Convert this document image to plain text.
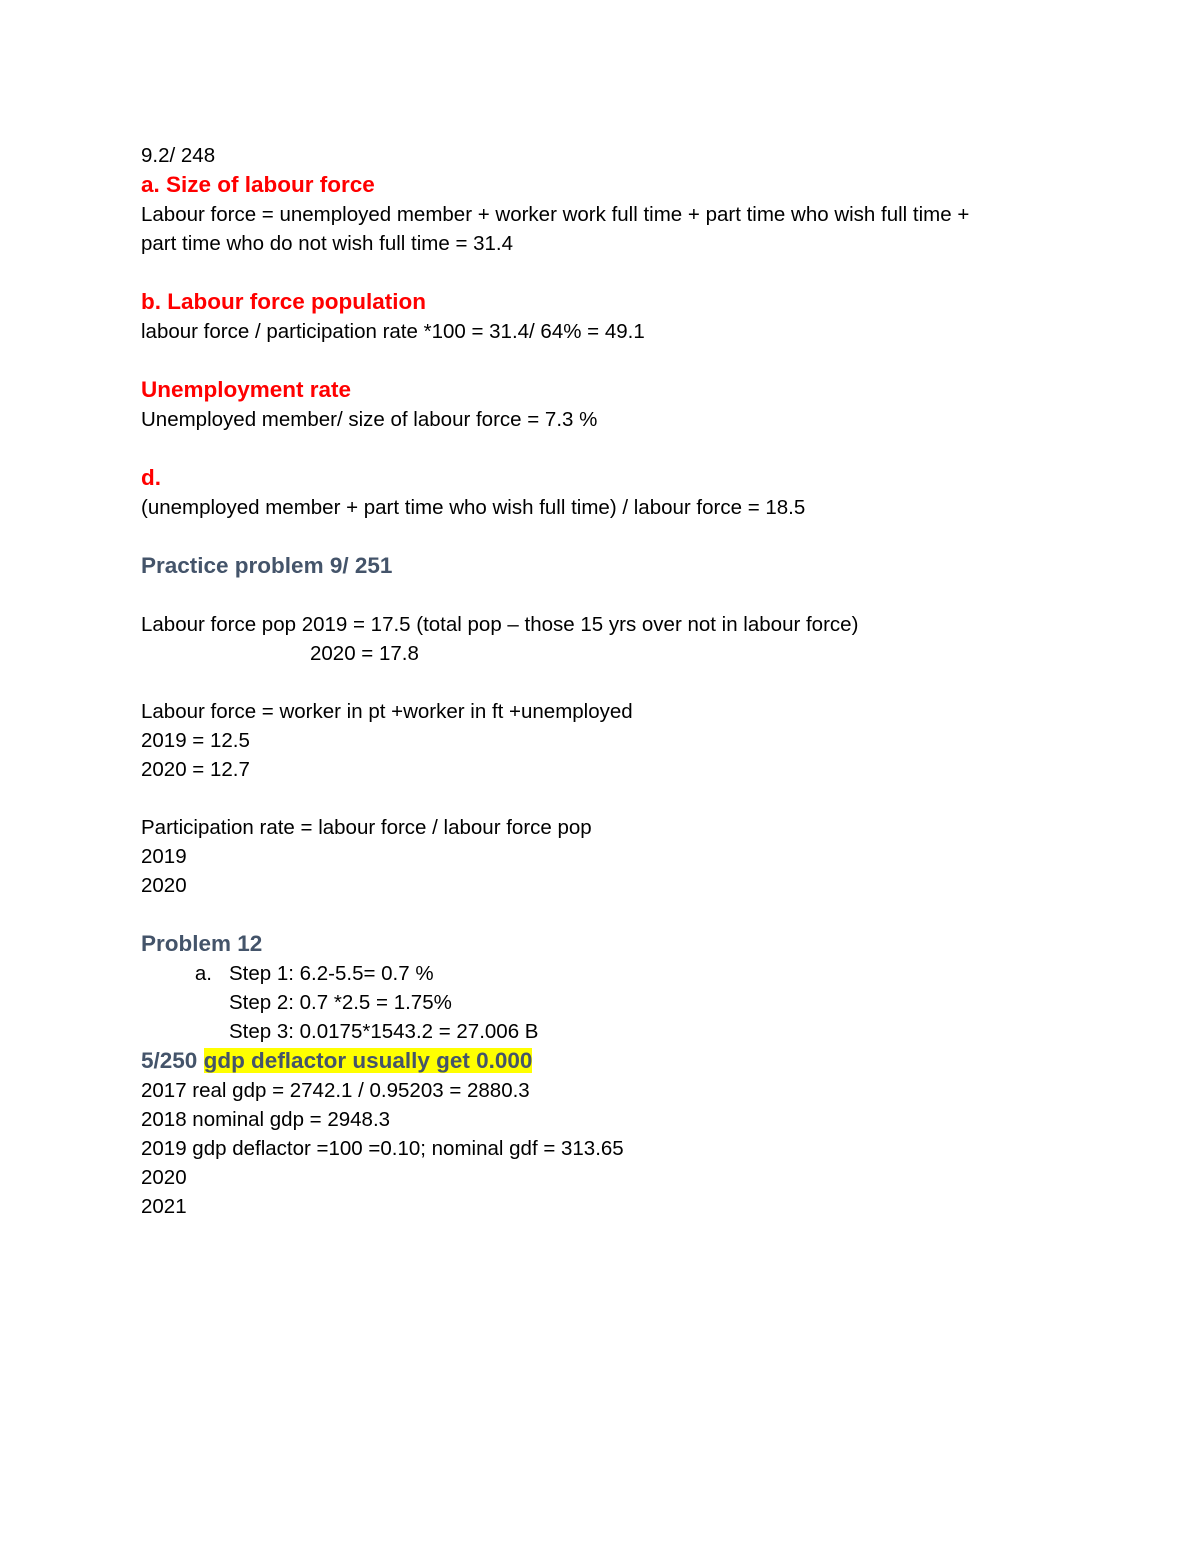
9.2/ 248

a. Size of labour force

Labour force = unemployed member + worker work full time + part time who wish full time +

part time who do not wish full time = 31.4

b. Labour force population

labour force / participation rate *100 = 31.4/ 64% = 49.1

Unemployment rate

Unemployed member/ size of labour force = 7.3 %

d.

(unemployed member + part time who wish full time) / labour force = 18.5

Practice problem 9/ 251

Labour force pop 2019 = 17.5 (total pop – those 15 yrs over not in labour force)

2020 = 17.8

Labour force = worker in pt +worker in ft +unemployed

2019 = 12.5

2020 = 12.7

Participation rate = labour force / labour force pop

2019

2020

Problem 12

a. Step 1: 6.2-5.5= 0.7 %

Step 2: 0.7 *2.5 = 1.75%

Step 3: 0.0175*1543.2 = 27.006 B

5/250 gdp deflactor usually get 0.000

2017 real gdp = 2742.1 / 0.95203 = 2880.3

2018 nominal gdp = 2948.3

2019 gdp deflactor =100 =0.10; nominal gdf = 313.65

2020

2021
